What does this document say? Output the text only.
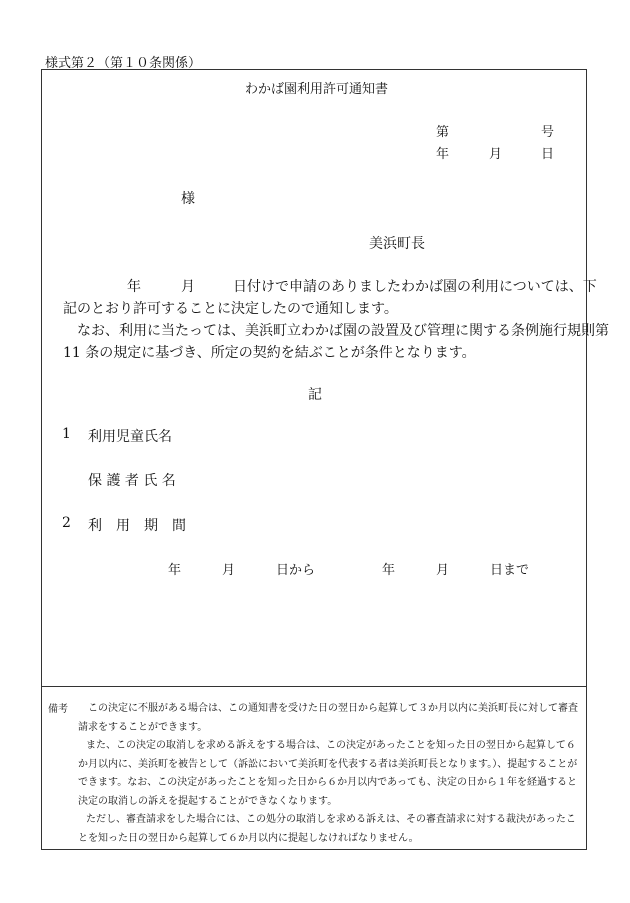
様式第２（第１０条関係）
わかば園利用許可通知書
第	号
年	月	日
様
美浜町長
年	月	日付けで申請のありましたわかば園の利用については、下
記のとおり許可することに決定したので通知します。
なお、利用に当たっては、美浜町立わかば園の設置及び管理に関する条例施行規則第
11 条の規定に基づき、所定の契約を結ぶことが条件となります。
記
1 利用児童氏名
保 護 者 氏 名
2 利　用　期　間
年	月	日から	年	月	日まで
備考	この決定に不服がある場合は、この通知書を受けた日の翌日から起算して３か月以内に美浜町長に対して審査請求をすることができます。

また、この決定の取消しを求める訴えをする場合は、この決定があったことを知った日の翌日から起算して６か月以内に、美浜町を被告として（訴訟において美浜町を代表する者は美浜町長となります。）、提起することができます。なお、この決定があったことを知った日から６か月以内であっても、決定の日から１年を経過すると決定の取消しの訴えを提起することができなくなります。

ただし、審査請求をした場合には、この処分の取消しを求める訴えは、その審査請求に対する裁決があったことを知った日の翌日から起算して６か月以内に提起しなければなりません。
